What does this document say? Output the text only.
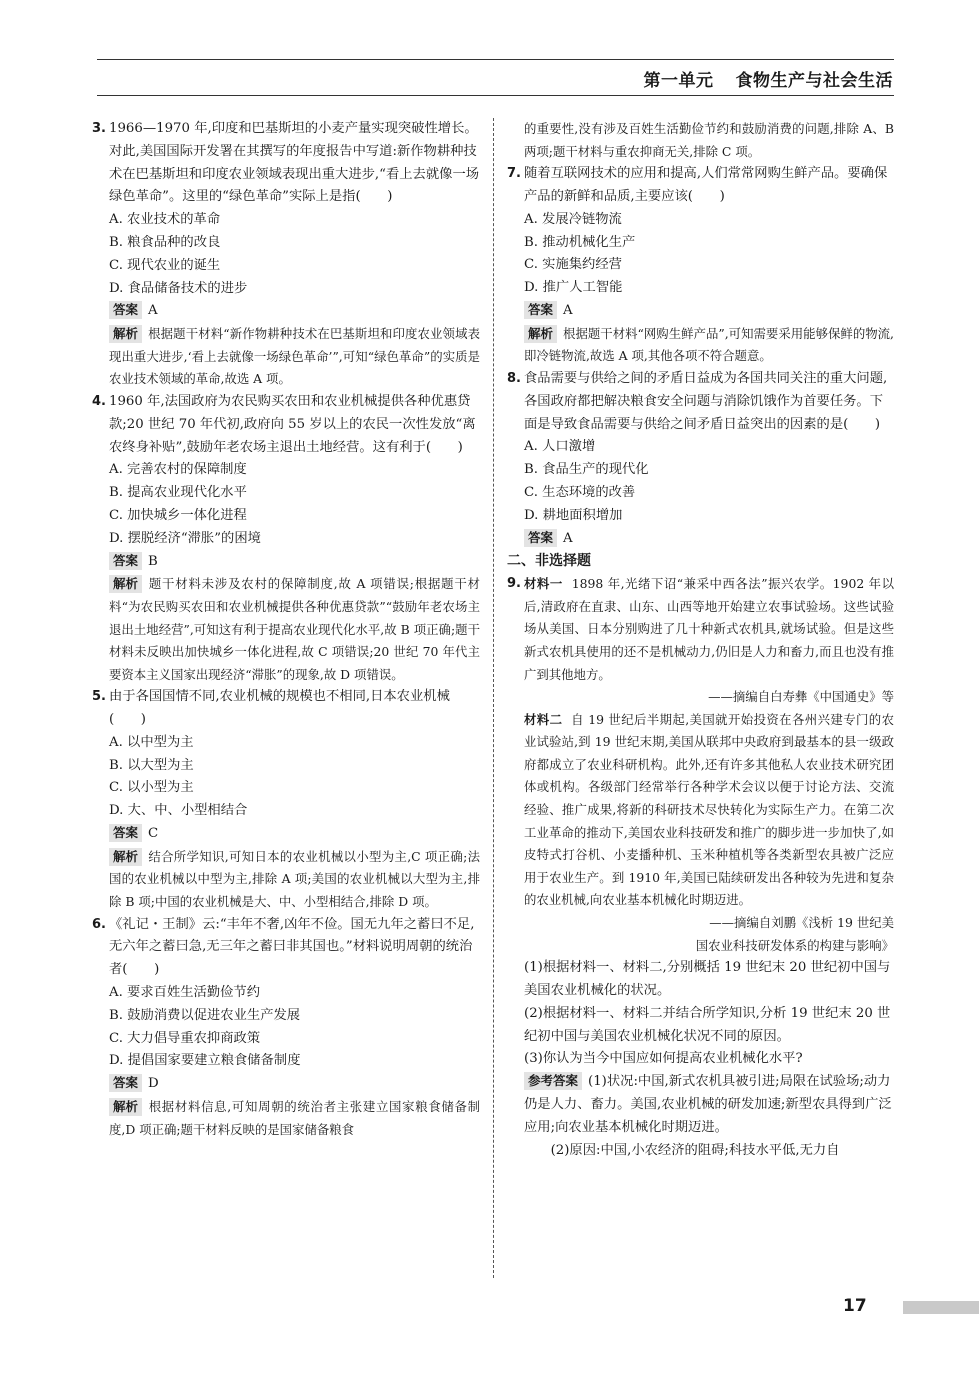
第一单元 食物生产与社会生活
3. 1966—1970 年,印度和巴基斯坦的小麦产量实现突破性增长。对此,美国国际开发署在其撰写的年度报告中写道:新作物耕种技术在巴基斯坦和印度农业领域表现出重大进步,“看上去就像一场绿色革命”。这里的“绿色革命”实际上是指(　　)
A. 农业技术的革命
B. 粮食品种的改良
C. 现代农业的诞生
D. 食品储备技术的进步
答案 A
解析 根据题干材料“新作物耕种技术在巴基斯坦和印度农业领域表现出重大进步,‘看上去就像一场绿色革命’”,可知“绿色革命”的实质是农业技术领域的革命,故选 A 项。
4. 1960 年,法国政府为农民购买农田和农业机械提供各种优惠贷款;20 世纪 70 年代初,政府向 55 岁以上的农民一次性发放“离农终身补贴”,鼓励年老农场主退出土地经营。这有利于(　　)
A. 完善农村的保障制度
B. 提高农业现代化水平
C. 加快城乡一体化进程
D. 摆脱经济“滞胀”的困境
答案 B
解析 题干材料未涉及农村的保障制度,故 A 项错误;根据题干材料“为农民购买农田和农业机械提供各种优惠贷款”“鼓励年老农场主退出土地经营”,可知这有利于提高农业现代化水平,故 B 项正确;题干材料未反映出加快城乡一体化进程,故 C 项错误;20 世纪 70 年代主要资本主义国家出现经济“滞胀”的现象,故 D 项错误。
5. 由于各国国情不同,农业机械的规模也不相同,日本农业机械(　　)
A. 以中型为主
B. 以大型为主
C. 以小型为主
D. 大、中、小型相结合
答案 C
解析 结合所学知识,可知日本的农业机械以小型为主,C 项正确;法国的农业机械以中型为主,排除 A 项;美国的农业机械以大型为主,排除 B 项;中国的农业机械是大、中、小型相结合,排除 D 项。
6. 《礼记・王制》云:“丰年不奢,凶年不俭。国无九年之蓄曰不足,无六年之蓄曰急,无三年之蓄曰非其国也。”材料说明周朝的统治者(　　)
A. 要求百姓生活勤俭节约
B. 鼓励消费以促进农业生产发展
C. 大力倡导重农抑商政策
D. 提倡国家要建立粮食储备制度
答案 D
解析 根据材料信息,可知周朝的统治者主张建立国家粮食储备制度,D 项正确;题干材料反映的是国家储备粮食
的重要性,没有涉及百姓生活勤俭节约和鼓励消费的问题,排除 A、B 两项;题干材料与重农抑商无关,排除 C 项。
7. 随着互联网技术的应用和提高,人们常常网购生鲜产品。要确保产品的新鲜和品质,主要应该(　　)
A. 发展冷链物流
B. 推动机械化生产
C. 实施集约经营
D. 推广人工智能
答案 A
解析 根据题干材料“网购生鲜产品”,可知需要采用能够保鲜的物流,即冷链物流,故选 A 项,其他各项不符合题意。
8. 食品需要与供给之间的矛盾日益成为各国共同关注的重大问题,各国政府都把解决粮食安全问题与消除饥饿作为首要任务。下面是导致食品需要与供给之间矛盾日益突出的因素的是(　　)
A. 人口激增
B. 食品生产的现代化
C. 生态环境的改善
D. 耕地面积增加
答案 A
二、非选择题
9. 材料一 1898 年,光绪下诏“兼采中西各法”振兴农学。1902 年以后,清政府在直隶、山东、山西等地开始建立农事试验场。这些试验场从美国、日本分别购进了几十种新式农机具,就场试验。但是这些新式农机具使用的还不是机械动力,仍旧是人力和畜力,而且也没有推广到其他地方。
——摘编自白寿彝《中国通史》等
材料二 自 19 世纪后半期起,美国就开始投资在各州兴建专门的农业试验站,到 19 世纪末期,美国从联邦中央政府到最基本的县一级政府都成立了农业科研机构。此外,还有许多其他私人农业技术研究团体或机构。各级部门经常举行各种学术会议以便于讨论方法、交流经验、推广成果,将新的科研技术尽快转化为实际生产力。在第二次工业革命的推动下,美国农业科技研发和推广的脚步进一步加快了,如皮特式打谷机、小麦播种机、玉米种植机等各类新型农具被广泛应用于农业生产。到 1910 年,美国已陆续研发出各种较为先进和复杂的农业机械,向农业基本机械化时期迈进。
——摘编自刘鹏《浅析 19 世纪美
国农业科技研发体系的构建与影响》
(1)根据材料一、材料二,分别概括 19 世纪末 20 世纪初中国与美国农业机械化的状况。
(2)根据材料一、材料二并结合所学知识,分析 19 世纪末 20 世纪初中国与美国农业机械化状况不同的原因。
(3)你认为当今中国应如何提高农业机械化水平?
参考答案 (1)状况:中国,新式农机具被引进;局限在试验场;动力仍是人力、畜力。美国,农业机械的研发加速;新型农具得到广泛应用;向农业基本机械化时期迈进。
(2)原因:中国,小农经济的阻碍;科技水平低,无力自
17
